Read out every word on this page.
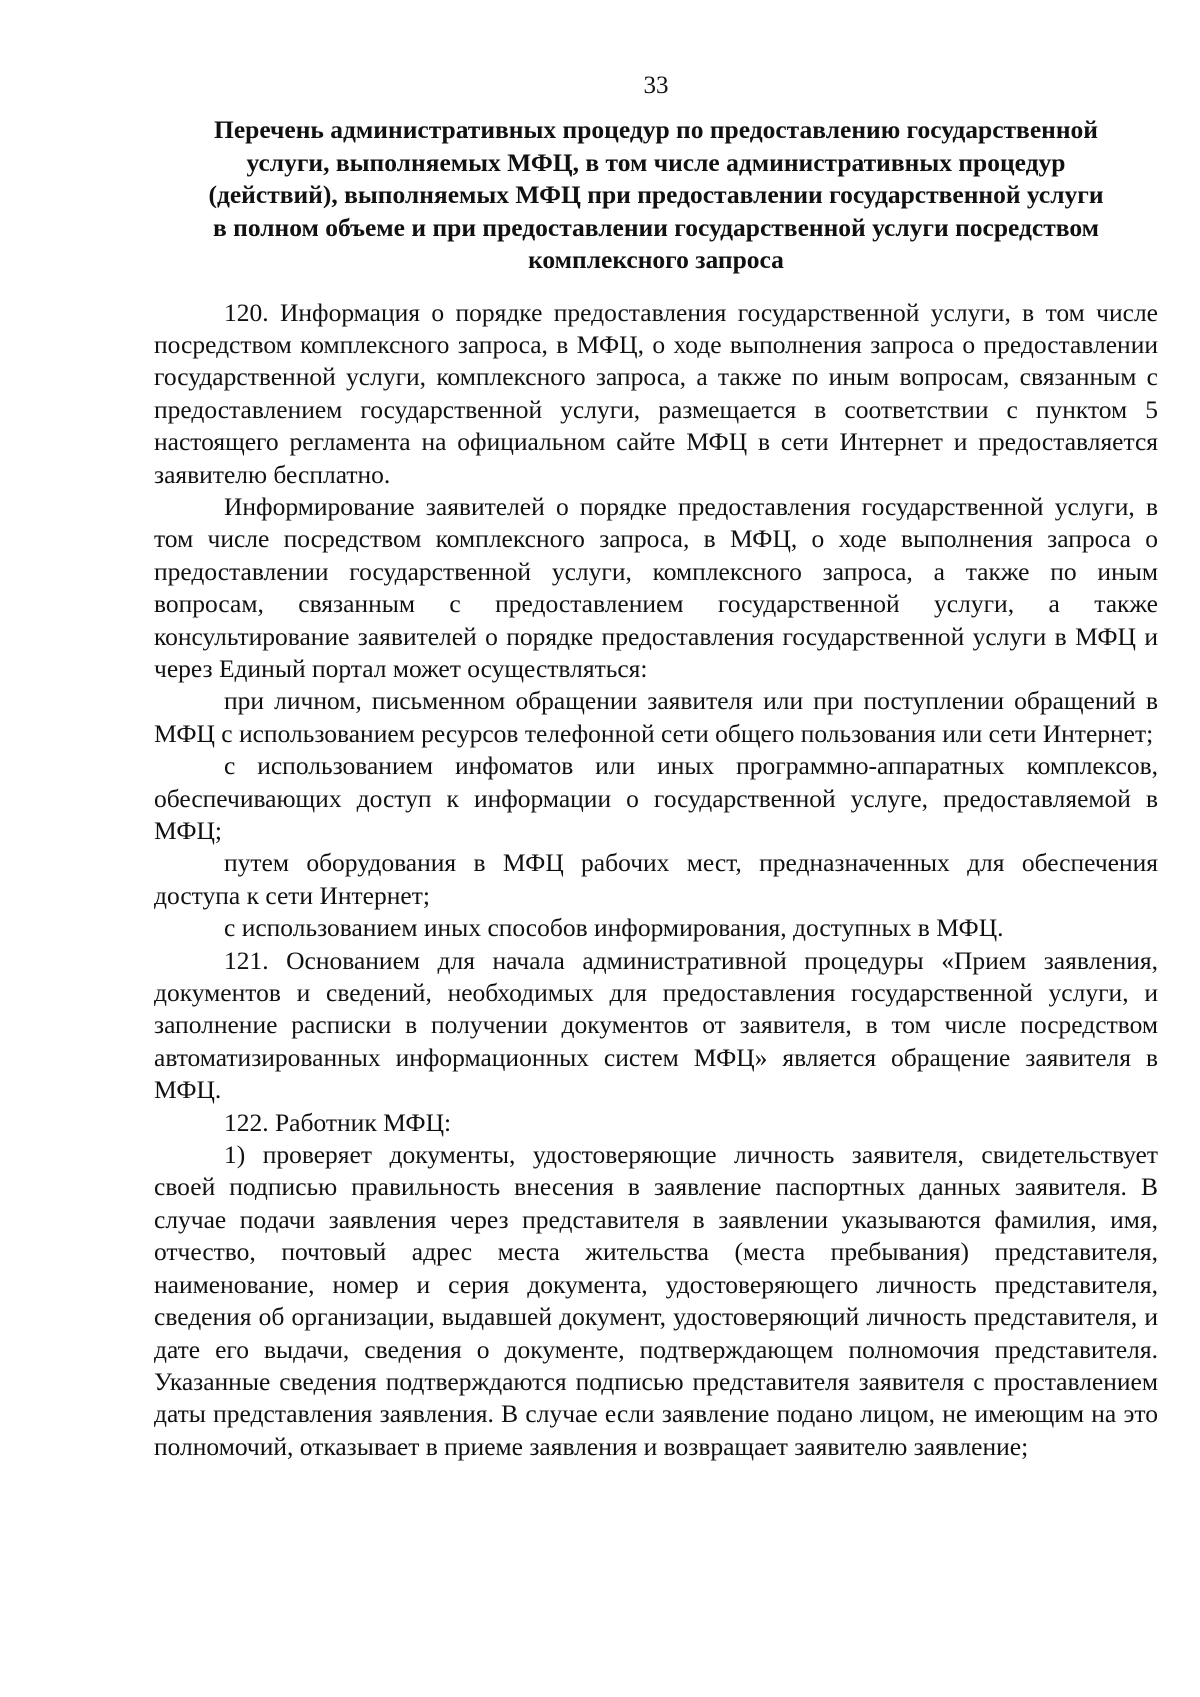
33
Перечень административных процедур по предоставлению государственной
услуги, выполняемых МФЦ, в том числе административных процедур
(действий), выполняемых МФЦ при предоставлении государственной услуги
в полном объеме и при предоставлении государственной услуги посредством
комплексного запроса

120. Информация о порядке предоставления государственной услуги, в том числе посредством комплексного запроса, в МФЦ, о ходе выполнения запроса о предоставлении государственной услуги, комплексного запроса, а также по иным вопросам, связанным с предоставлением государственной услуги, размещается в соответствии с пунктом 5 настоящего регламента на официальном сайте МФЦ в сети Интернет и предоставляется заявителю бесплатно.

Информирование заявителей о порядке предоставления государственной услуги, в том числе посредством комплексного запроса, в МФЦ, о ходе выполнения запроса о предоставлении государственной услуги, комплексного запроса, а также по иным вопросам, связанным с предоставлением государственной услуги, а также консультирование заявителей о порядке предоставления государственной услуги в МФЦ и через Единый портал может осуществляться:

при личном, письменном обращении заявителя или при поступлении обращений в МФЦ с использованием ресурсов телефонной сети общего пользования или сети Интернет;

с использованием инфоматов или иных программно-аппаратных комплексов, обеспечивающих доступ к информации о государственной услуге, предоставляемой в МФЦ;

путем оборудования в МФЦ рабочих мест, предназначенных для обеспечения доступа к сети Интернет;

с использованием иных способов информирования, доступных в МФЦ.

121. Основанием для начала административной процедуры «Прием заявления, документов и сведений, необходимых для предоставления государственной услуги, и заполнение расписки в получении документов от заявителя, в том числе посредством автоматизированных информационных систем МФЦ» является обращение заявителя в МФЦ.

122. Работник МФЦ:

1) проверяет документы, удостоверяющие личность заявителя, свидетельствует своей подписью правильность внесения в заявление паспортных данных заявителя. В случае подачи заявления через представителя в заявлении указываются фамилия, имя, отчество, почтовый адрес места жительства (места пребывания) представителя, наименование, номер и серия документа, удостоверяющего личность представителя, сведения об организации, выдавшей документ, удостоверяющий личность представителя, и дате его выдачи, сведения о документе, подтверждающем полномочия представителя. Указанные сведения подтверждаются подписью представителя заявителя с проставлением даты представления заявления. В случае если заявление подано лицом, не имеющим на это полномочий, отказывает в приеме заявления и возвращает заявителю заявление;
